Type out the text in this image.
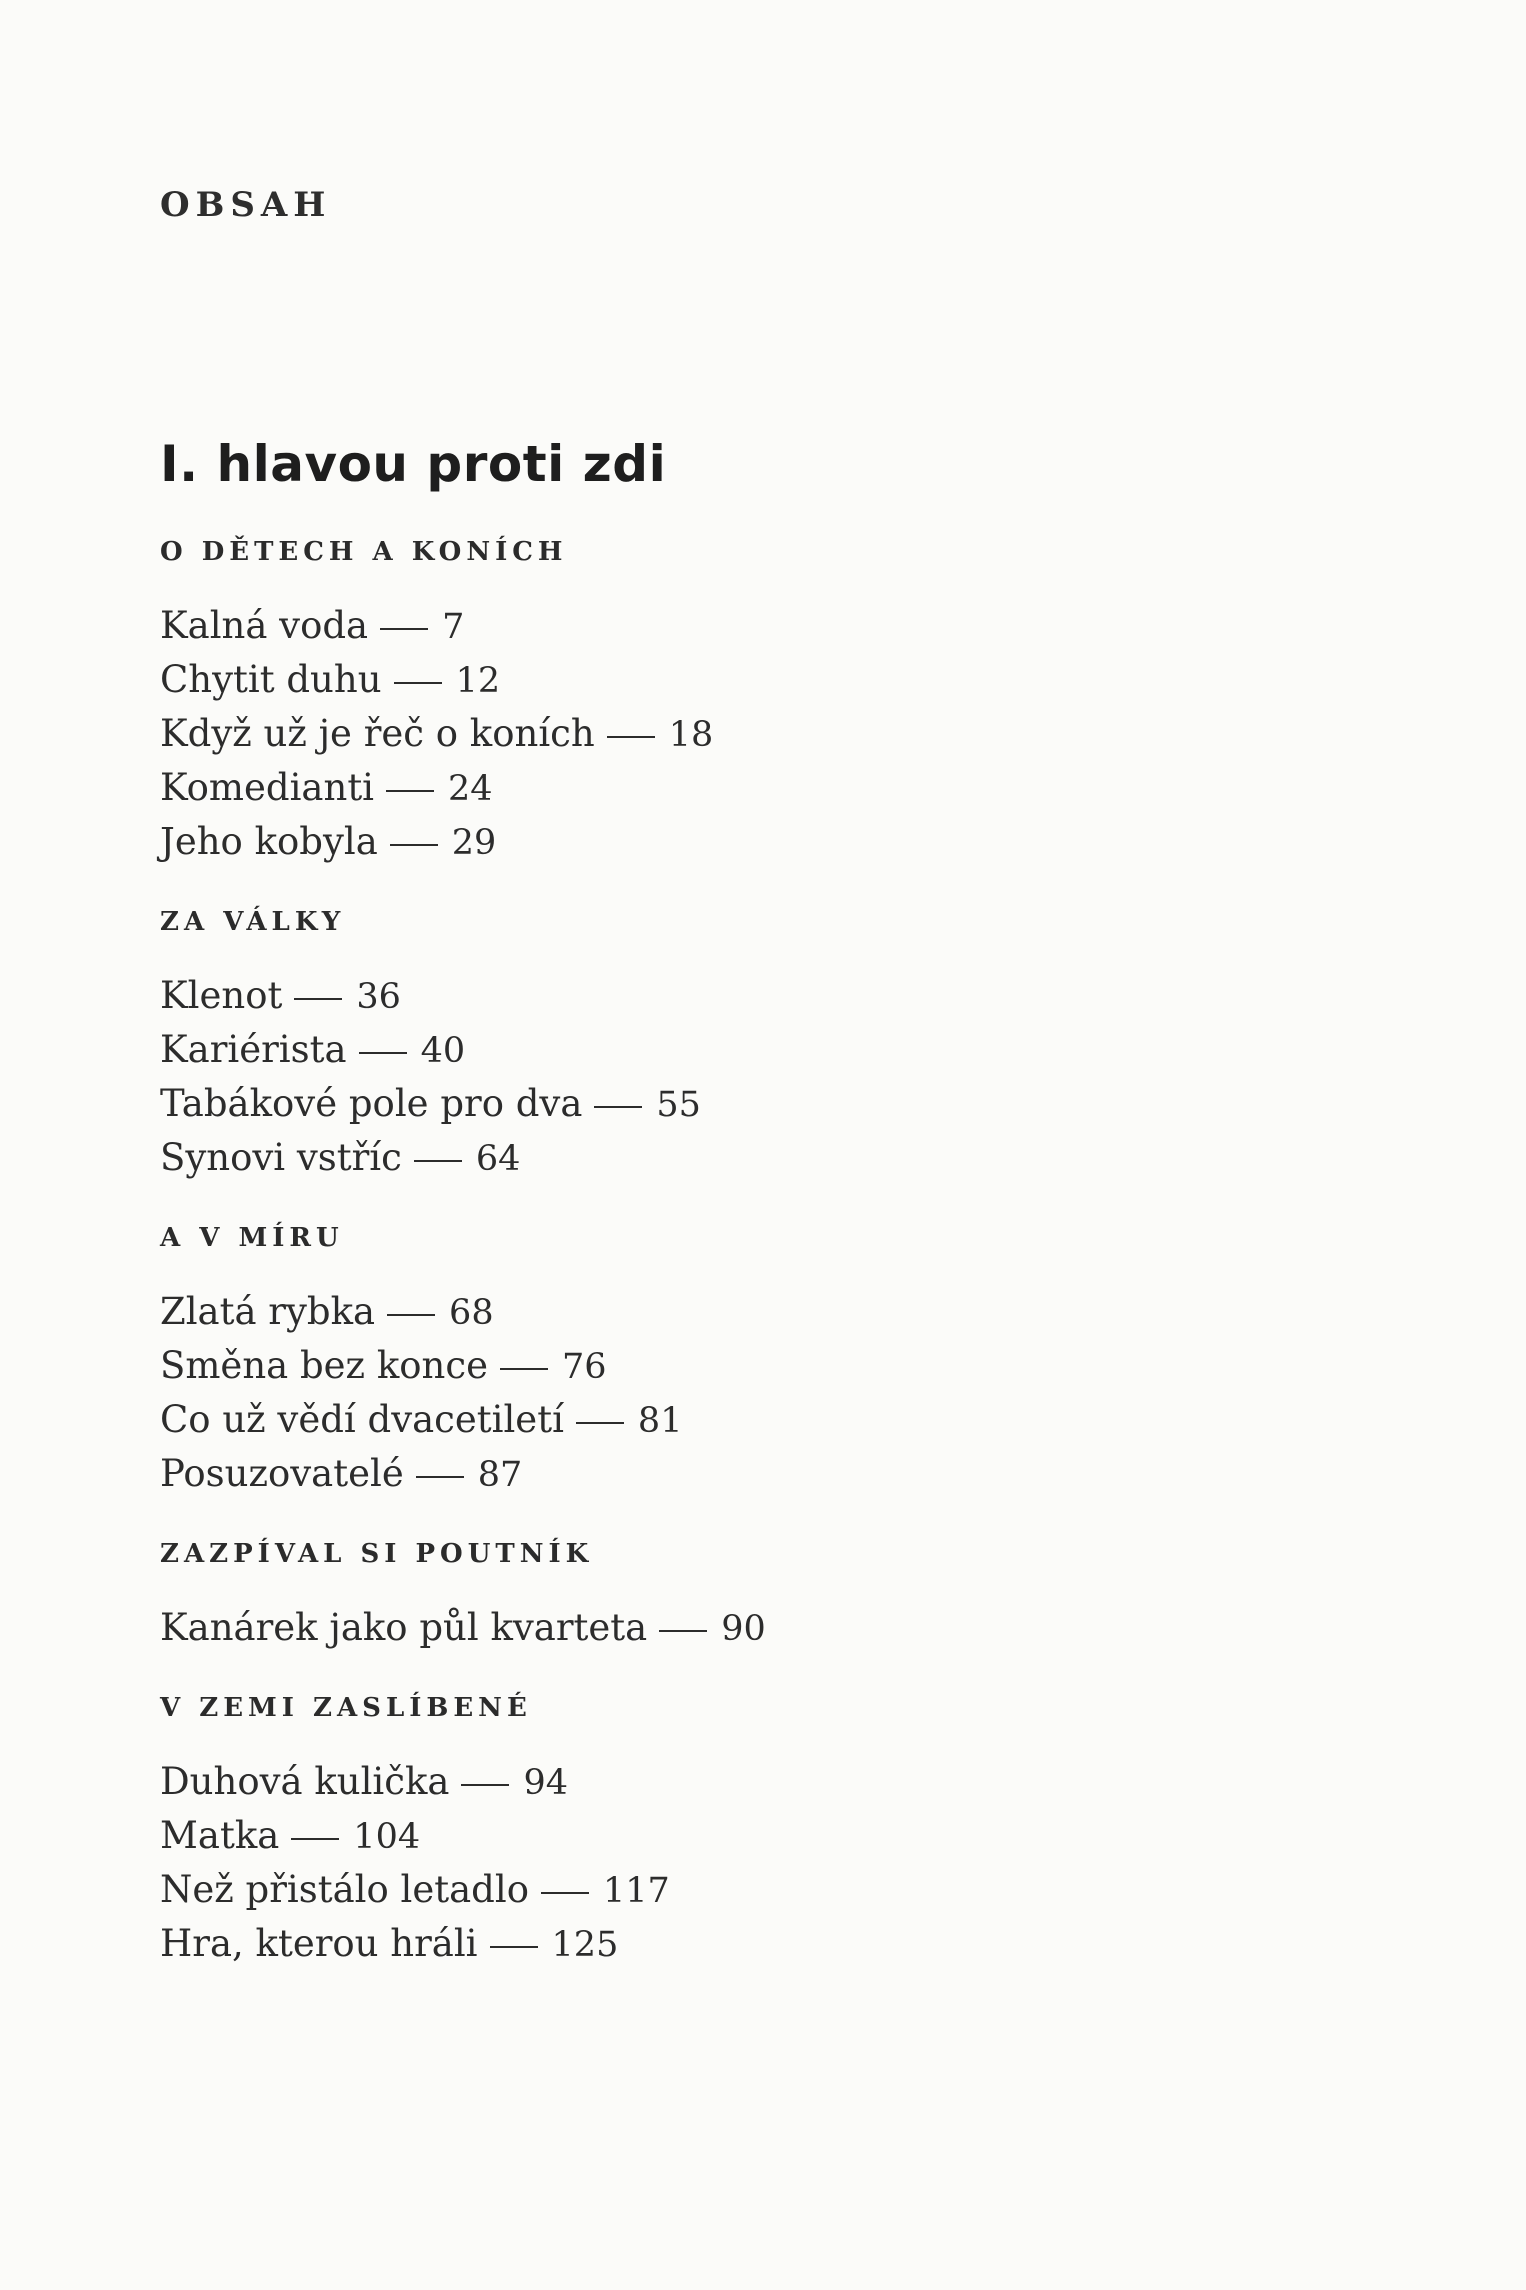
OBSAH
I. hlavou proti zdi
O DĚTECH A KONÍCH
Kalná voda 7
Chytit duhu 12
Když už je řeč o koních 18
Komedianti 24
Jeho kobyla 29
ZA VÁLKY
Klenot 36
Kariérista 40
Tabákové pole pro dva 55
Synovi vstříc 64
A V MÍRU
Zlatá rybka 68
Směna bez konce 76
Co už vědí dvacetiletí 81
Posuzovatelé 87
ZAZPÍVAL SI POUTNÍK
Kanárek jako půl kvarteta 90
V ZEMI ZASLÍBENÉ
Duhová kulička 94
Matka 104
Než přistálo letadlo 117
Hra, kterou hráli 125
